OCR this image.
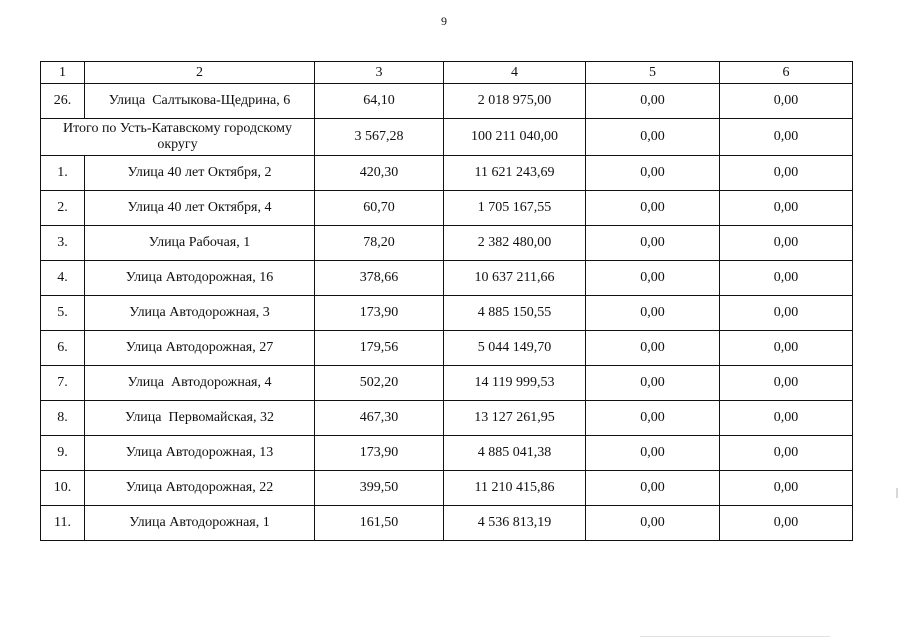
9
1	2	3	4	5	6
26.	Улица  Салтыкова-Щедрина, 6	64,10	2 018 975,00	0,00	0,00
Итого по Усть-Катавскому городскому округу		3 567,28	100 211 040,00	0,00	0,00
1.	Улица 40 лет Октября, 2	420,30	11 621 243,69	0,00	0,00
2.	Улица 40 лет Октября, 4	60,70	1 705 167,55	0,00	0,00
3.	Улица Рабочая, 1	78,20	2 382 480,00	0,00	0,00
4.	Улица Автодорожная, 16	378,66	10 637 211,66	0,00	0,00
5.	Улица Автодорожная, 3	173,90	4 885 150,55	0,00	0,00
6.	Улица Автодорожная, 27	179,56	5 044 149,70	0,00	0,00
7.	Улица  Автодорожная, 4	502,20	14 119 999,53	0,00	0,00
8.	Улица  Первомайская, 32	467,30	13 127 261,95	0,00	0,00
9.	Улица Автодорожная, 13	173,90	4 885 041,38	0,00	0,00
10.	Улица Автодорожная, 22	399,50	11 210 415,86	0,00	0,00
11.	Улица Автодорожная, 1	161,50	4 536 813,19	0,00	0,00
